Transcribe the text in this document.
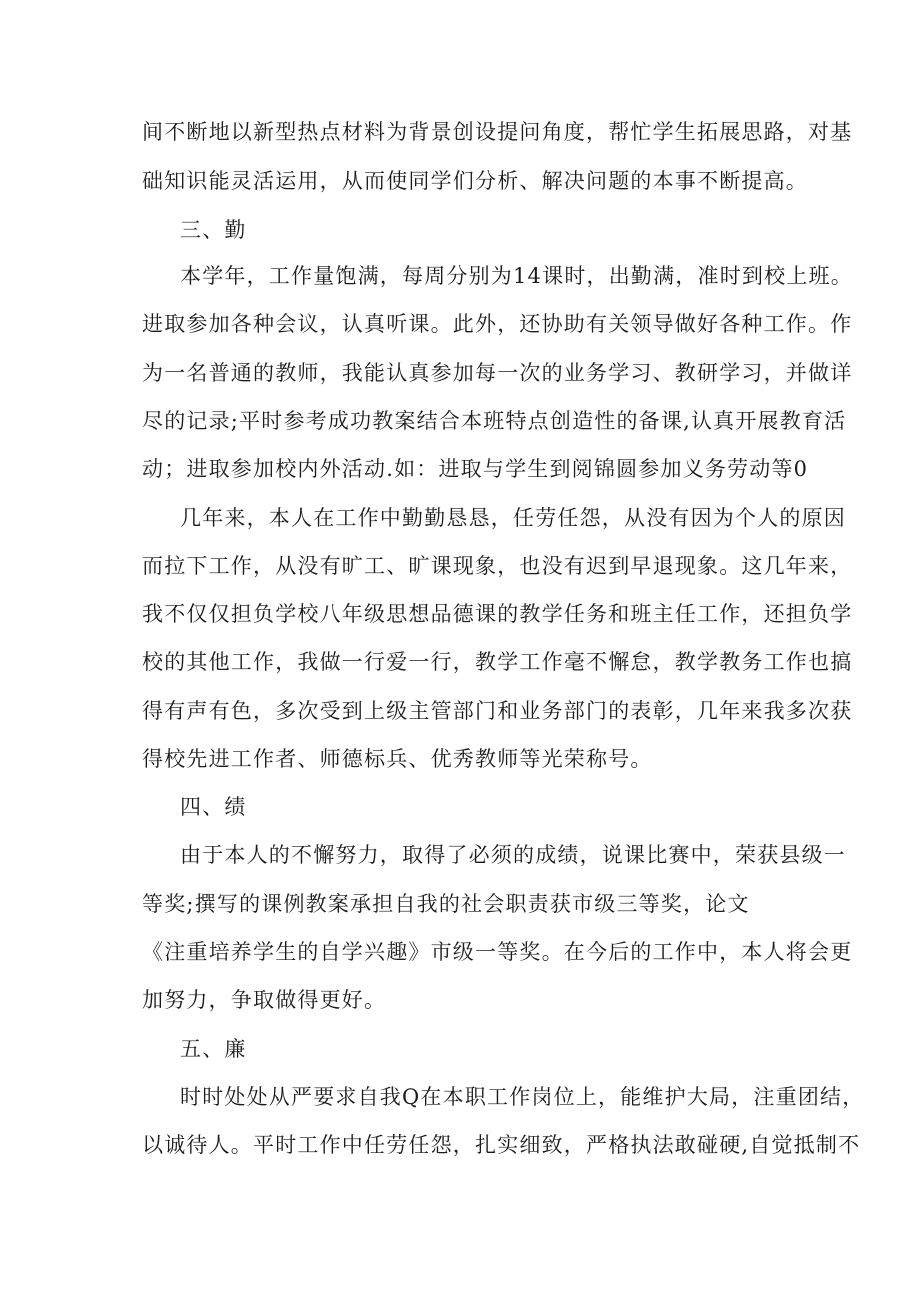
间不断地以新型热点材料为背景创设提问角度，帮忙学生拓展思路，对基
础知识能灵活运用，从而使同学们分析、解决问题的本事不断提高。
三、勤
本学年，工作量饱满，每周分别为14课时，出勤满，准时到校上班。
进取参加各种会议，认真听课。此外，还协助有关领导做好各种工作。作
为一名普通的教师，我能认真参加每一次的业务学习、教研学习，并做详
尽的记录;平时参考成功教案结合本班特点创造性的备课,认真开展教育活
动；进取参加校内外活动.如：进取与学生到阅锦圆参加义务劳动等0
几年来，本人在工作中勤勤恳恳，任劳任怨，从没有因为个人的原因
而拉下工作，从没有旷工、旷课现象，也没有迟到早退现象。这几年来，
我不仅仅担负学校八年级思想品德课的教学任务和班主任工作，还担负学
校的其他工作，我做一行爱一行，教学工作毫不懈怠，教学教务工作也搞
得有声有色，多次受到上级主管部门和业务部门的表彰，几年来我多次获
得校先进工作者、师德标兵、优秀教师等光荣称号。
四、绩
由于本人的不懈努力，取得了必须的成绩，说课比赛中，荣获县级一
等奖;撰写的课例教案承担自我的社会职责获市级三等奖，论文
《注重培养学生的自学兴趣》市级一等奖。在今后的工作中，本人将会更
加努力，争取做得更好。
五、廉
时时处处从严要求自我Q在本职工作岗位上，能维护大局，注重团结，
以诚待人。平时工作中任劳任怨，扎实细致，严格执法敢碰硬,自觉抵制不
